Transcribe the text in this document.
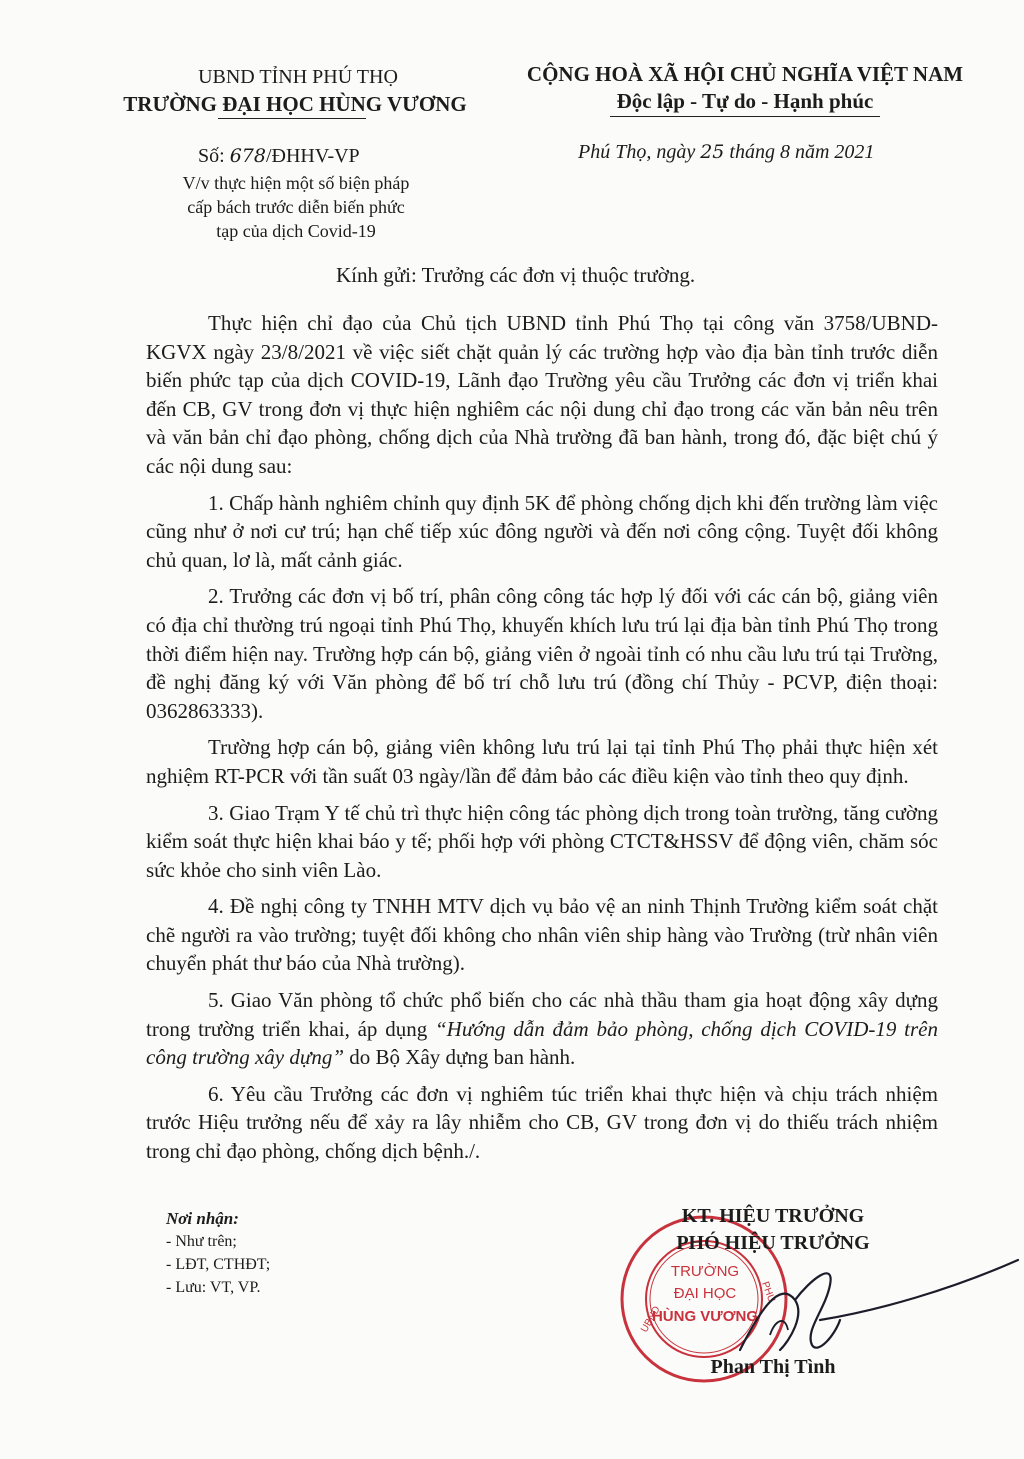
UBND TỈNH PHÚ THỌ
TRƯỜNG ĐẠI HỌC HÙNG VƯƠNG
CỘNG HOÀ XÃ HỘI CHỦ NGHĨA VIỆT NAM
Độc lập - Tự do - Hạnh phúc
Số: 678/ĐHHV-VP
V/v thực hiện một số biện pháp
cấp bách trước diễn biến phức
tạp của dịch Covid-19
Phú Thọ, ngày 25 tháng 8 năm 2021
Kính gửi: Trưởng các đơn vị thuộc trường.

Thực hiện chỉ đạo của Chủ tịch UBND tỉnh Phú Thọ tại công văn 3758/UBND-KGVX ngày 23/8/2021 về việc siết chặt quản lý các trường hợp vào địa bàn tỉnh trước diễn biến phức tạp của dịch COVID-19, Lãnh đạo Trường yêu cầu Trưởng các đơn vị triển khai đến CB, GV trong đơn vị thực hiện nghiêm các nội dung chỉ đạo trong các văn bản nêu trên và văn bản chỉ đạo phòng, chống dịch của Nhà trường đã ban hành, trong đó, đặc biệt chú ý các nội dung sau:

1. Chấp hành nghiêm chỉnh quy định 5K để phòng chống dịch khi đến trường làm việc cũng như ở nơi cư trú; hạn chế tiếp xúc đông người và đến nơi công cộng. Tuyệt đối không chủ quan, lơ là, mất cảnh giác.

2. Trưởng các đơn vị bố trí, phân công công tác hợp lý đối với các cán bộ, giảng viên có địa chỉ thường trú ngoại tỉnh Phú Thọ, khuyến khích lưu trú lại địa bàn tỉnh Phú Thọ trong thời điểm hiện nay. Trường hợp cán bộ, giảng viên ở ngoài tỉnh có nhu cầu lưu trú tại Trường, đề nghị đăng ký với Văn phòng để bố trí chỗ lưu trú (đồng chí Thủy - PCVP, điện thoại: 0362863333).

Trường hợp cán bộ, giảng viên không lưu trú lại tại tỉnh Phú Thọ phải thực hiện xét nghiệm RT-PCR với tần suất 03 ngày/lần để đảm bảo các điều kiện vào tỉnh theo quy định.

3. Giao Trạm Y tế chủ trì thực hiện công tác phòng dịch trong toàn trường, tăng cường kiểm soát thực hiện khai báo y tế; phối hợp với phòng CTCT&HSSV để động viên, chăm sóc sức khỏe cho sinh viên Lào.

4. Đề nghị công ty TNHH MTV dịch vụ bảo vệ an ninh Thịnh Trường kiểm soát chặt chẽ người ra vào trường; tuyệt đối không cho nhân viên ship hàng vào Trường (trừ nhân viên chuyển phát thư báo của Nhà trường).

5. Giao Văn phòng tổ chức phổ biến cho các nhà thầu tham gia hoạt động xây dựng trong trường triển khai, áp dụng “Hướng dẫn đảm bảo phòng, chống dịch COVID-19 trên công trường xây dựng” do Bộ Xây dựng ban hành.

6. Yêu cầu Trưởng các đơn vị nghiêm túc triển khai thực hiện và chịu trách nhiệm trước Hiệu trưởng nếu để xảy ra lây nhiễm cho CB, GV trong đơn vị do thiếu trách nhiệm trong chỉ đạo phòng, chống dịch bệnh./.

Nơi nhận:
- Như trên;
- LĐT, CTHĐT;
- Lưu: VT, VP.
UBND
PHÚ
TRƯỜNG
ĐẠI HỌC
HÙNG VƯƠNG
KT. HIỆU TRƯỞNG
PHÓ HIỆU TRƯỞNG
Phan Thị Tình
